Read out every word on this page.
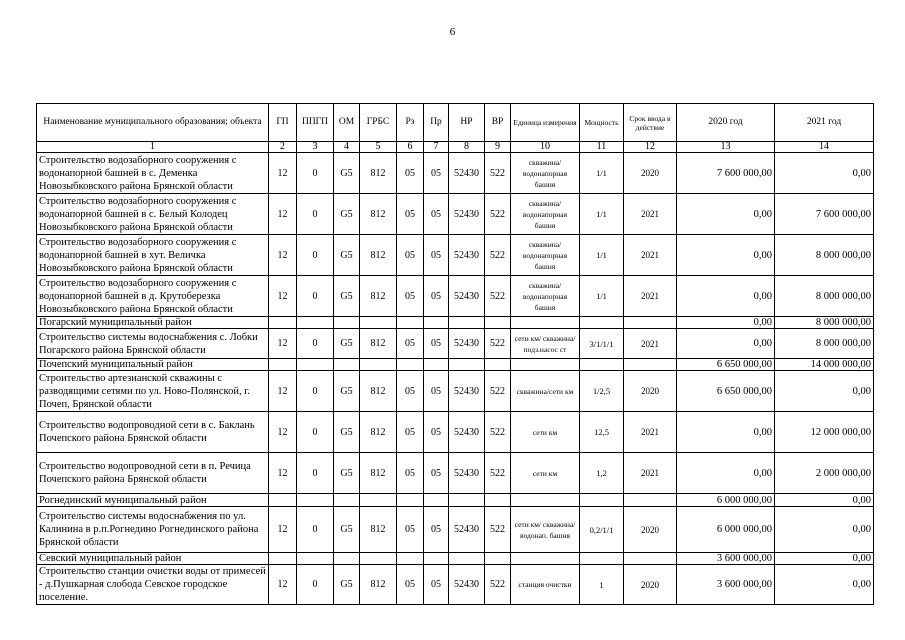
6
Наименование муниципального образования; объекта	ГП	ППГП	ОМ	ГРБС	Рз	Пр	НР	ВР	Единица измерения	Мощность	Срок ввода в действие	2020 год	2021 год
1	2	3	4	5	6	7	8	9	10	11	12	13	14
Строительство водозаборного сооружения с водонапорной башней в с. Деменка Новозыбковского района Брянской области	12	0	G5	812	05	05	52430	522	скважина/ водонапорная башня	1/1	2020	7 600 000,00	0,00
Строительство водозаборного сооружения с водонапорной башней в с. Белый Колодец Новозыбковского района Брянской области	12	0	G5	812	05	05	52430	522	скважина/ водонапорная башня	1/1	2021	0,00	7 600 000,00
Строительство водозаборного сооружения с водонапорной башней в хут. Величка Новозыбковского района Брянской области	12	0	G5	812	05	05	52430	522	скважина/ водонапорная башня	1/1	2021	0,00	8 000 000,00
Строительство водозаборного сооружения с водонапорной башней в д. Крутоберезка Новозыбковского района Брянской области	12	0	G5	812	05	05	52430	522	скважина/ водонапорная башня	1/1	2021	0,00	8 000 000,00
Погарский муниципальный район												0,00	8 000 000,00
Строительство системы водоснабжения с. Лобки Погарского района Брянской области	12	0	G5	812	05	05	52430	522	сети км/ скважина/ подз.насос ст	3/1/1/1	2021	0,00	8 000 000,00
Почепский муниципальный район												6 650 000,00	14 000 000,00
Строительство артезианской скважины с разводящими сетями по ул. Ново-Полянской, г. Почеп, Брянской области	12	0	G5	812	05	05	52430	522	скважина/сети км	1/2,5	2020	6 650 000,00	0,00
Строительство водопроводной сети в с. Баклань Почепского района Брянской области	12	0	G5	812	05	05	52430	522	сети км	12,5	2021	0,00	12 000 000,00
Строительство водопроводной сети в п. Речица Почепского района Брянской области	12	0	G5	812	05	05	52430	522	сети км	1,2	2021	0,00	2 000 000,00
Рогнединский муниципальный район												6 000 000,00	0,00
Строительство системы водоснабжения по ул. Калинина в р.п.Рогнедино Рогнединского района Брянской области	12	0	G5	812	05	05	52430	522	сети км/ скважина/ водонап. башня	0,2/1/1	2020	6 000 000,00	0,00
Севский муниципальный район												3 600 000,00	0,00
Строительство станции очистки воды от примесей - д.Пушкарная слобода Севское городское поселение.	12	0	G5	812	05	05	52430	522	станция очистки	1	2020	3 600 000,00	0,00
